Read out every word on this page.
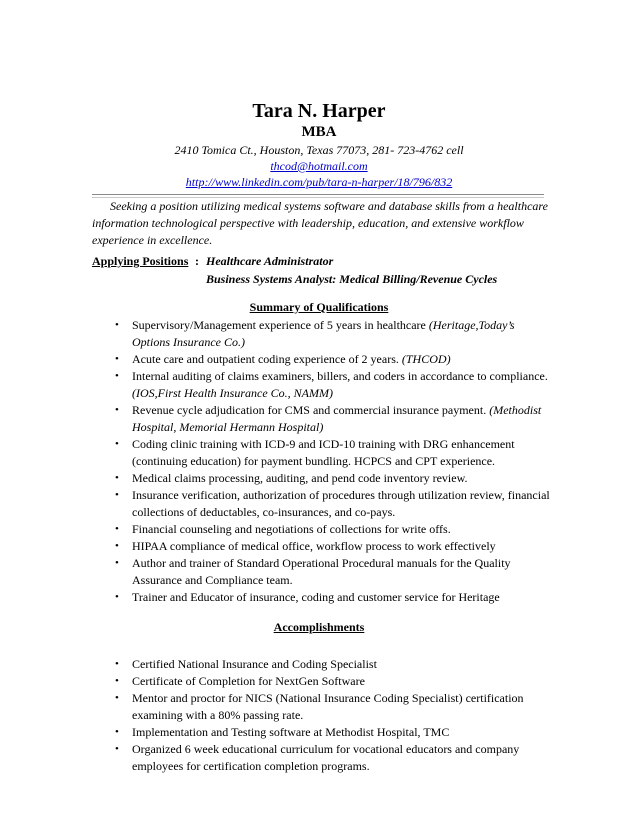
Tara N. Harper
MBA
2410 Tomica Ct., Houston, Texas 77073, 281- 723-4762 cell
thcod@hotmail.com
http://www.linkedin.com/pub/tara-n-harper/18/796/832
Seeking a position utilizing medical systems software and database skills from a healthcare information technological perspective with leadership, education, and extensive workflow experience in excellence.
Applying Positions : Healthcare Administrator
Business Systems Analyst: Medical Billing/Revenue Cycles
Summary of Qualifications
• Supervisory/Management experience of 5 years in healthcare (Heritage,Today’s Options Insurance Co.)
• Acute care and outpatient coding experience of 2 years. (THCOD)
• Internal auditing of claims examiners, billers, and coders in accordance to compliance. (IOS,First Health Insurance Co., NAMM)
• Revenue cycle adjudication for CMS and commercial insurance payment. (Methodist Hospital, Memorial Hermann Hospital)
• Coding clinic training with ICD-9 and ICD-10 training with DRG enhancement (continuing education) for payment bundling. HCPCS and CPT experience.
• Medical claims processing, auditing, and pend code inventory review.
• Insurance verification, authorization of procedures through utilization review, financial collections of deductables, co-insurances, and co-pays.
• Financial counseling and negotiations of collections for write offs.
• HIPAA compliance of medical office, workflow process to work effectively
• Author and trainer of Standard Operational Procedural manuals for the Quality Assurance and Compliance team.
• Trainer and Educator of insurance, coding and customer service for Heritage
Accomplishments
• Certified National Insurance and Coding Specialist
• Certificate of Completion for NextGen Software
• Mentor and proctor for NICS (National Insurance Coding Specialist) certification examining with a 80% passing rate.
• Implementation and Testing software at Methodist Hospital, TMC
• Organized 6 week educational curriculum for vocational educators and company employees for certification completion programs.
